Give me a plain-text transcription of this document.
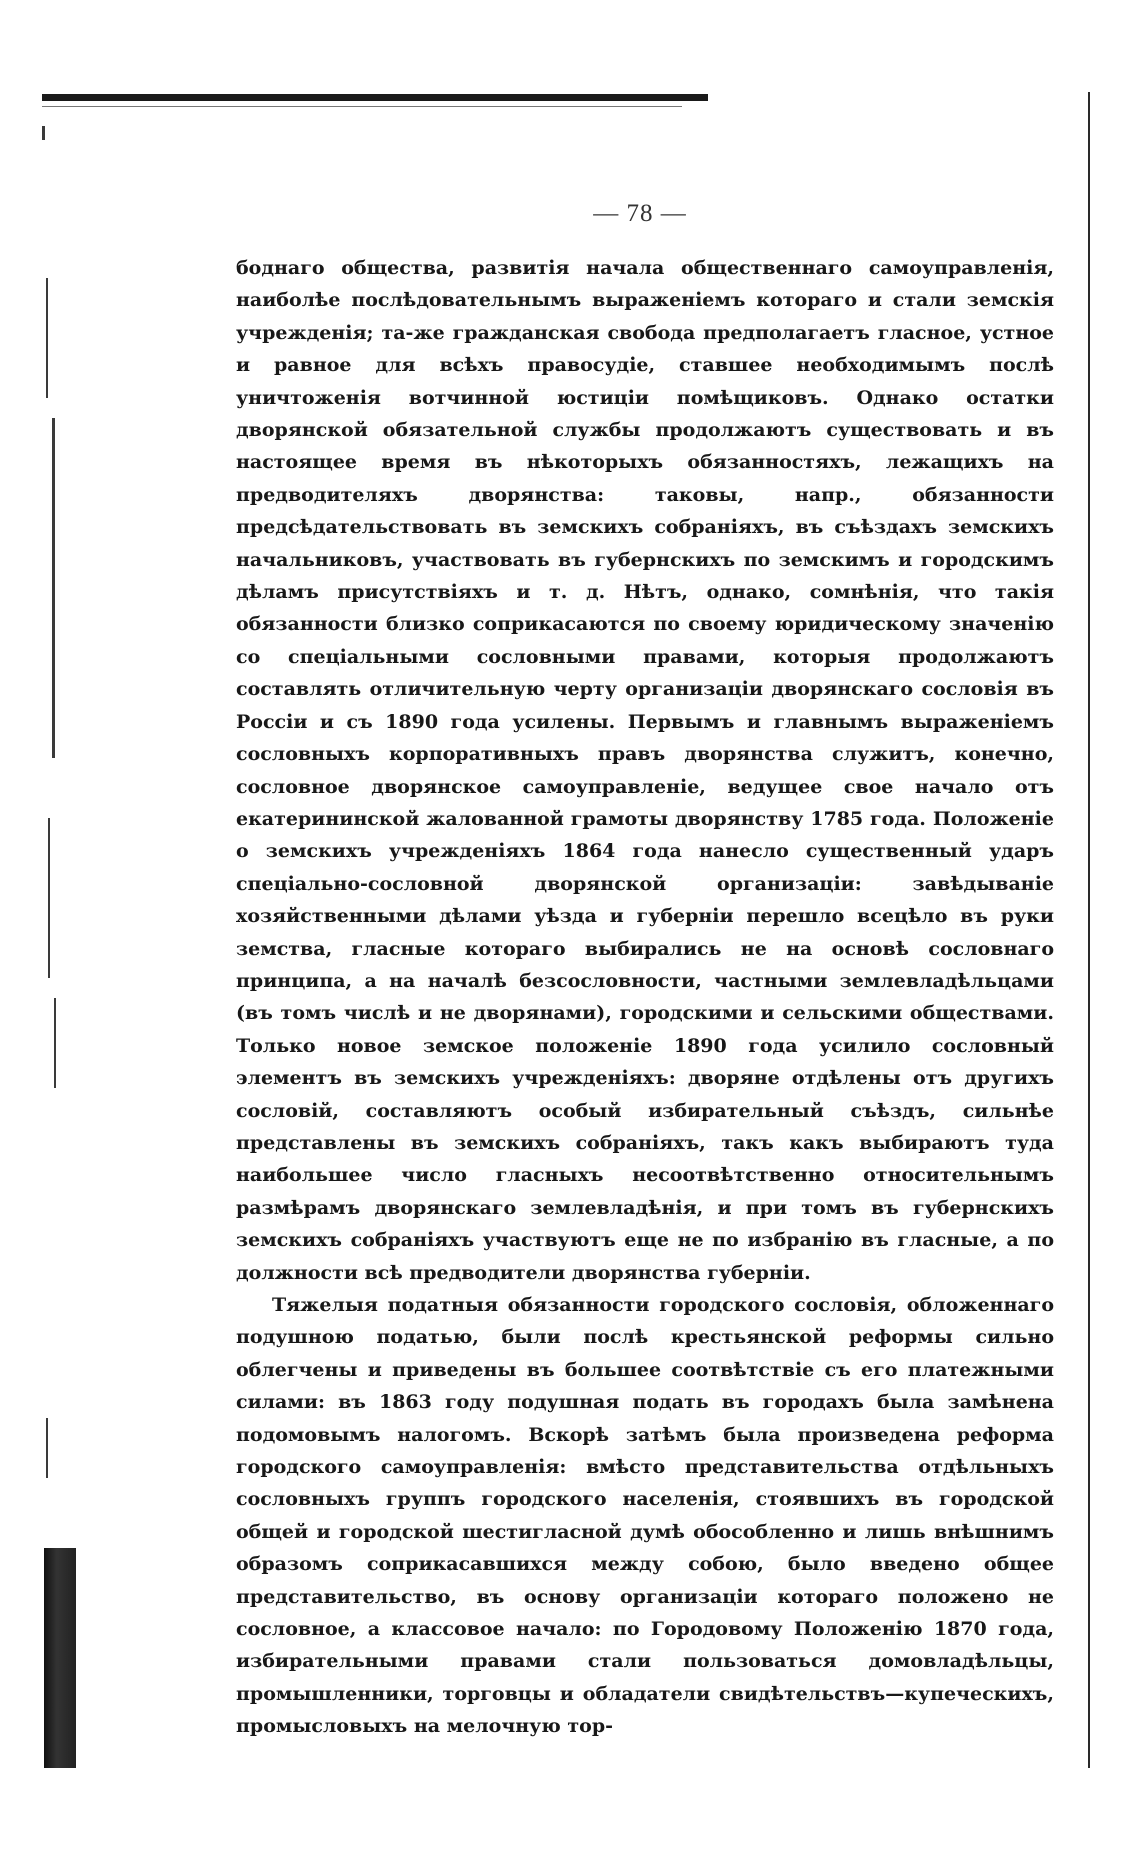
— 78 —

боднаго общества, развитія начала общественнаго самоуправленія, наиболѣе послѣдовательнымъ выраженіемъ котораго и стали земскія учрежденія; та-же гражданская свобода предполагаетъ гласное, устное и равное для всѣхъ правосудіе, ставшее необходимымъ послѣ уничтоженія вотчинной юстиціи помѣщиковъ. Однако остатки дворянской обязательной службы продолжаютъ существовать и въ настоящее время въ нѣкоторыхъ обязанностяхъ, лежащихъ на предводителяхъ дворянства: таковы, напр., обязанности предсѣдательствовать въ земскихъ собраніяхъ, въ съѣздахъ земскихъ начальниковъ, участвовать въ губернскихъ по земскимъ и городскимъ дѣламъ присутствіяхъ и т. д. Нѣтъ, однако, сомнѣнія, что такія обязанности близко соприкасаются по своему юридическому значенію со спеціальными сословными правами, которыя продолжаютъ составлять отличительную черту организаціи дворянскаго сословія въ Россіи и съ 1890 года усилены. Первымъ и главнымъ выраженіемъ сословныхъ корпоративныхъ правъ дворянства служитъ, конечно, сословное дворянское самоуправленіе, ведущее свое начало отъ екатерининской жалованной грамоты дворянству 1785 года. Положеніе о земскихъ учрежденіяхъ 1864 года нанесло существенный ударъ спеціально-сословной дворянской организаціи: завѣдываніе хозяйственными дѣлами уѣзда и губерніи перешло всецѣло въ руки земства, гласные котораго выбирались не на основѣ сословнаго принципа, а на началѣ безсословности, частными землевладѣльцами (въ томъ числѣ и не дворянами), городскими и сельскими обществами. Только новое земское положеніе 1890 года усилило сословный элементъ въ земскихъ учрежденіяхъ: дворяне отдѣлены отъ другихъ сословій, составляютъ особый избирательный съѣздъ, сильнѣе представлены въ земскихъ собраніяхъ, такъ какъ выбираютъ туда наибольшее число гласныхъ несоотвѣтственно относительнымъ размѣрамъ дворянскаго землевладѣнія, и при томъ въ губернскихъ земскихъ собраніяхъ участвуютъ еще не по избранію въ гласные, а по должности всѣ предводители дворянства губерніи.

Тяжелыя податныя обязанности городского сословія, обложеннаго подушною податью, были послѣ крестьянской реформы сильно облегчены и приведены въ большее соотвѣтствіе съ его платежными силами: въ 1863 году подушная подать въ городахъ была замѣнена подомовымъ налогомъ. Вскорѣ затѣмъ была произведена реформа городского самоуправленія: вмѣсто представительства отдѣльныхъ сословныхъ группъ городского населенія, стоявшихъ въ городской общей и городской шестигласной думѣ обособленно и лишь внѣшнимъ образомъ соприкасавшихся между собою, было введено общее представительство, въ основу организаціи котораго положено не сословное, а классовое начало: по Городовому Положенію 1870 года, избирательными правами стали пользоваться домовладѣльцы, промышленники, торговцы и обладатели свидѣтельствъ—купеческихъ, промысловыхъ на мелочную тор-
